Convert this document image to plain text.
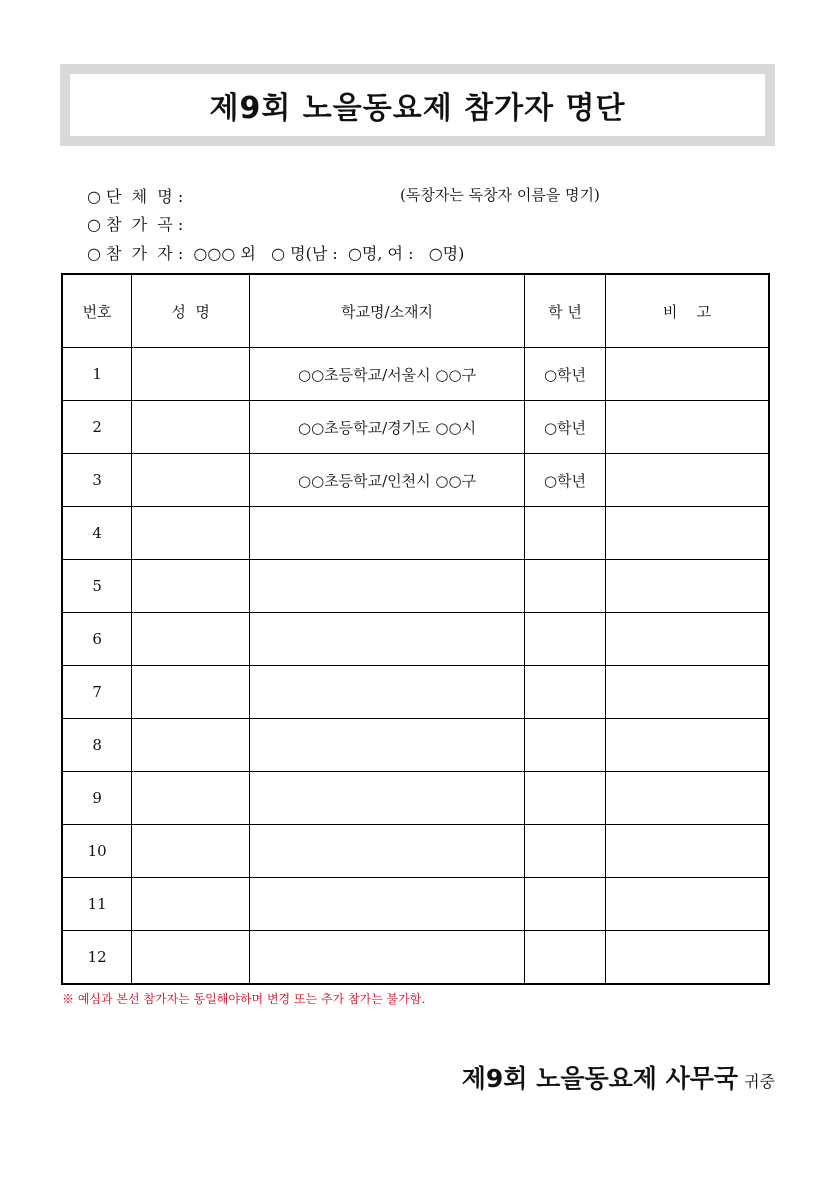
제9회 노을동요제 참가자 명단
○ 단  체  명 :	(독창자는 독창자 이름을 명기)
○ 참  가  곡 :
○ 참  가  자 :  ○○○ 외   ○ 명(남 :  ○명, 여 :   ○명)
번호	성  명	학교명/소재지	학 년	비    고
1		○○초등학교/서울시 ○○구	○학년	
2		○○초등학교/경기도 ○○시	○학년	
3		○○초등학교/인천시 ○○구	○학년	
4				
5				
6				
7				
8				
9				
10				
11				
12				
※ 예심과 본선 참가자는 동일해야하며 변경 또는 추가 참가는 불가함.

제9회 노을동요제 사무국 귀중
